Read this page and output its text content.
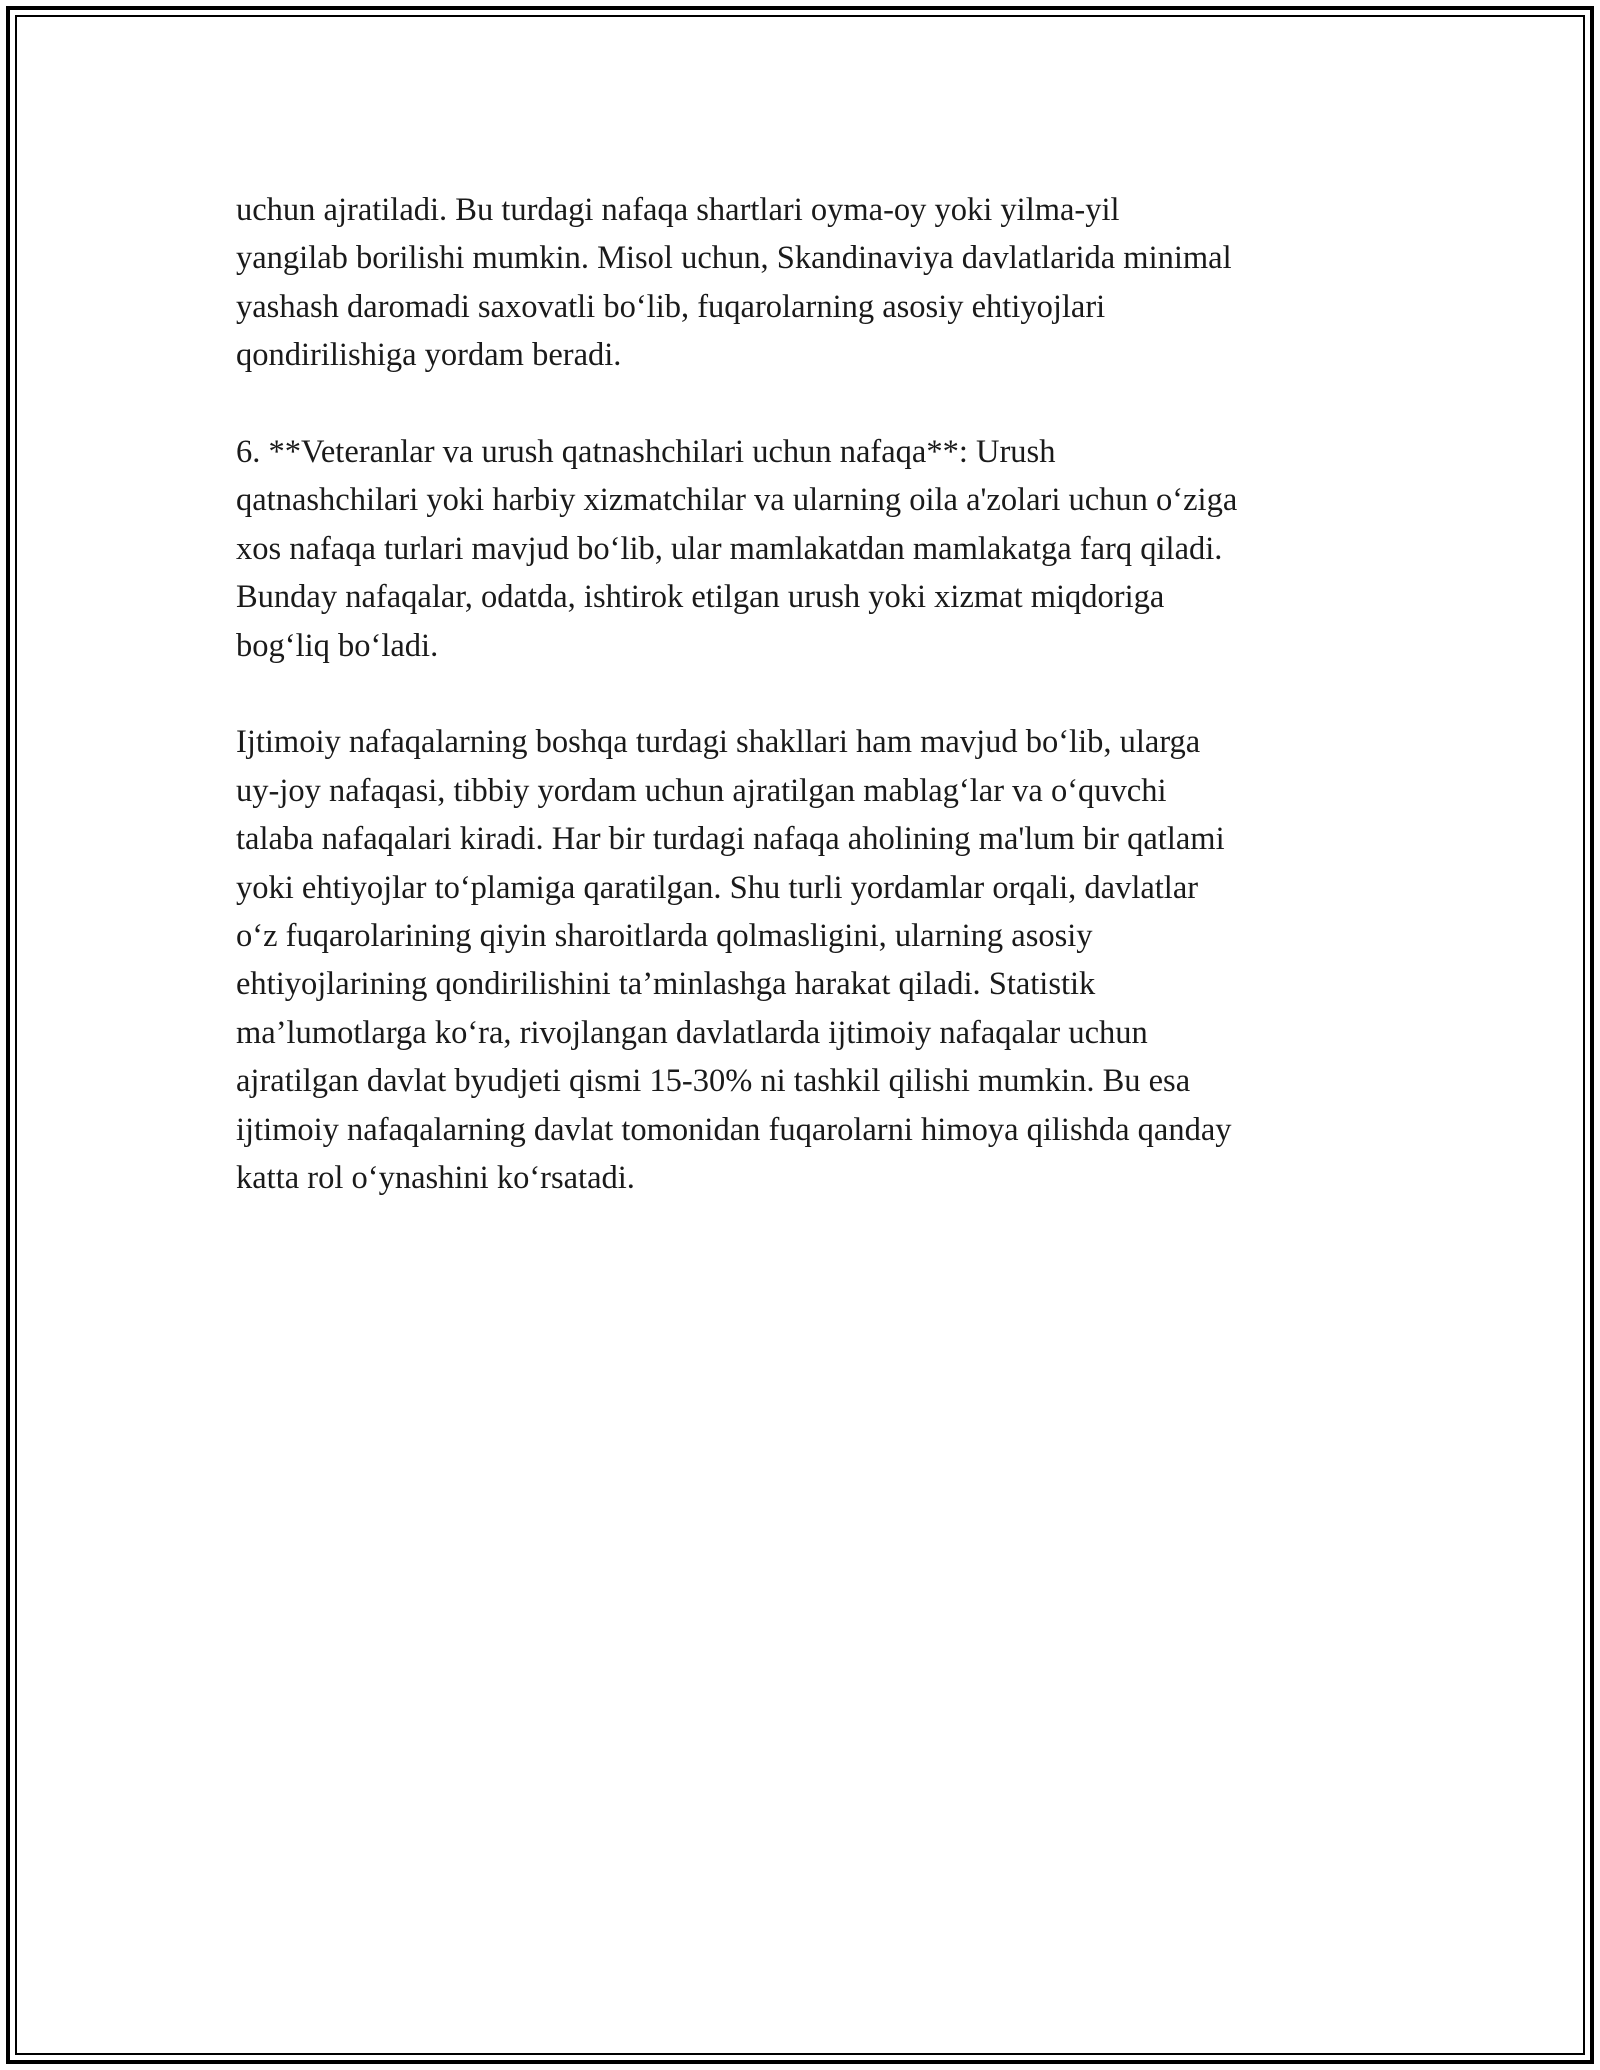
uchun ajratiladi. Bu turdagi nafaqa shartlari oyma-oy yoki yilma-yil
yangilab borilishi mumkin. Misol uchun, Skandinaviya davlatlarida minimal
yashash daromadi saxovatli bo‘lib, fuqarolarning asosiy ehtiyojlari
qondirilishiga yordam beradi.

6. **Veteranlar va urush qatnashchilari uchun nafaqa**: Urush
qatnashchilari yoki harbiy xizmatchilar va ularning oila a'zolari uchun o‘ziga
xos nafaqa turlari mavjud bo‘lib, ular mamlakatdan mamlakatga farq qiladi.
Bunday nafaqalar, odatda, ishtirok etilgan urush yoki xizmat miqdoriga
bog‘liq bo‘ladi.

Ijtimoiy nafaqalarning boshqa turdagi shakllari ham mavjud bo‘lib, ularga
uy-joy nafaqasi, tibbiy yordam uchun ajratilgan mablag‘lar va o‘quvchi
talaba nafaqalari kiradi. Har bir turdagi nafaqa aholining ma'lum bir qatlami
yoki ehtiyojlar to‘plamiga qaratilgan. Shu turli yordamlar orqali, davlatlar
o‘z fuqarolarining qiyin sharoitlarda qolmasligini, ularning asosiy
ehtiyojlarining qondirilishini ta’minlashga harakat qiladi. Statistik
ma’lumotlarga ko‘ra, rivojlangan davlatlarda ijtimoiy nafaqalar uchun
ajratilgan davlat byudjeti qismi 15-30% ni tashkil qilishi mumkin. Bu esa
ijtimoiy nafaqalarning davlat tomonidan fuqarolarni himoya qilishda qanday
katta rol o‘ynashini ko‘rsatadi.
